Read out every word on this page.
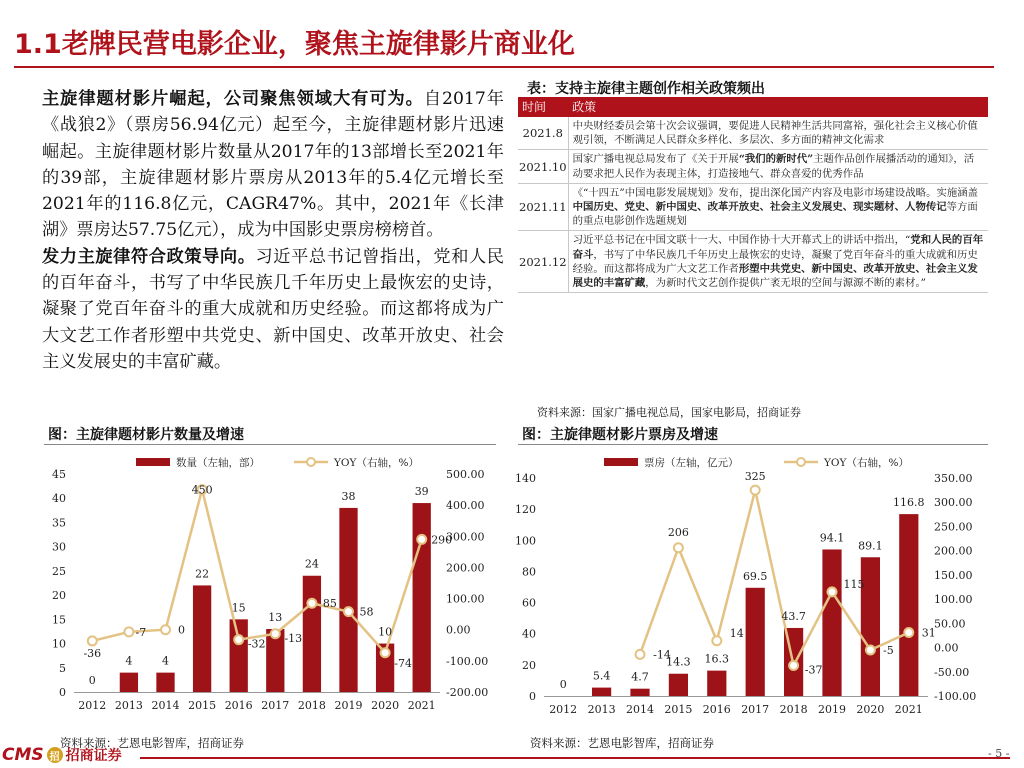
1.1老牌民营电影企业，聚焦主旋律影片商业化

主旋律题材影片崛起，公司聚焦领域大有可为。自2017年《战狼2》（票房56.94亿元）起至今，主旋律题材影片迅速崛起。主旋律题材影片数量从2017年的13部增长至2021年的39部，主旋律题材影片票房从2013年的5.4亿元增长至2021年的116.8亿元，CAGR47%。其中，2021年《长津湖》票房达57.75亿元），成为中国影史票房榜榜首。

发力主旋律符合政策导向。习近平总书记曾指出，党和人民的百年奋斗，书写了中华民族几千年历史上最恢宏的史诗，凝聚了党百年奋斗的重大成就和历史经验。而这都将成为广大文艺工作者形塑中共党史、新中国史、改革开放史、社会主义发展史的丰富矿藏。

表：支持主旋律主题创作相关政策频出
时间	政策
2021.8	中央财经委员会第十次会议强调，要促进人民精神生活共同富裕，强化社会主义核心价值观引领，不断满足人民群众多样化、多层次、多方面的精神文化需求
2021.10	国家广播电视总局发布了《关于开展“我们的新时代”主题作品创作展播活动的通知》，活动要求把人民作为表现主体，打造接地气、群众喜爱的优秀作品
2021.11	《“十四五”中国电影发展规划》发布，提出深化国产内容及电影市场建设战略。实施涵盖中国历史、党史、新中国史、改革开放史、社会主义发展史、现实题材、人物传记等方面的重点电影创作选题规划
2021.12	习近平总书记在中国文联十一大、中国作协十大开幕式上的讲话中指出，“党和人民的百年奋斗，书写了中华民族几千年历史上最恢宏的史诗，凝聚了党百年奋斗的重大成就和历史经验。而这都将成为广大文艺工作者形塑中共党史、新中国史、改革开放史、社会主义发展史的丰富矿藏，为新时代文艺创作提供广袤无垠的空间与源源不断的素材。”
资料来源：国家广播电视总局，国家电影局，招商证券
图：主旋律题材影片数量及增速	图：主旋律题材影片票房及增速
数量（左轴，部）	YOY（右轴，%）
0
5
10
15
20
25
30
35
40
45
-200.00
-100.00
0.00
100.00
200.00
300.00
400.00
500.00
2012 2013 2014 2015 2016 2017 2018 2019 2020 2021
0
4	4
22
15
13
24
38
10
39
-36
-7	0
450
-32 -13
85
58
-74
290
票房（左轴，亿元）	YOY（右轴，%）
0
20
40
60
80
100
120
140
-100.00
-50.00
0.00
50.00
100.00
150.00
200.00
250.00
300.00
350.00
2012 2013 2014 2015 2016 2017 2018 2019 2020 2021
0
5.4 4.7
14.3 16.3
69.5
43.7
94.1
89.1
116.8
-14
206
14
325
-37
115
-5
31
资料来源：艺恩电影智库，招商证券	资料来源：艺恩电影智库，招商证券
CMS 招 招商证券	- 5 -
